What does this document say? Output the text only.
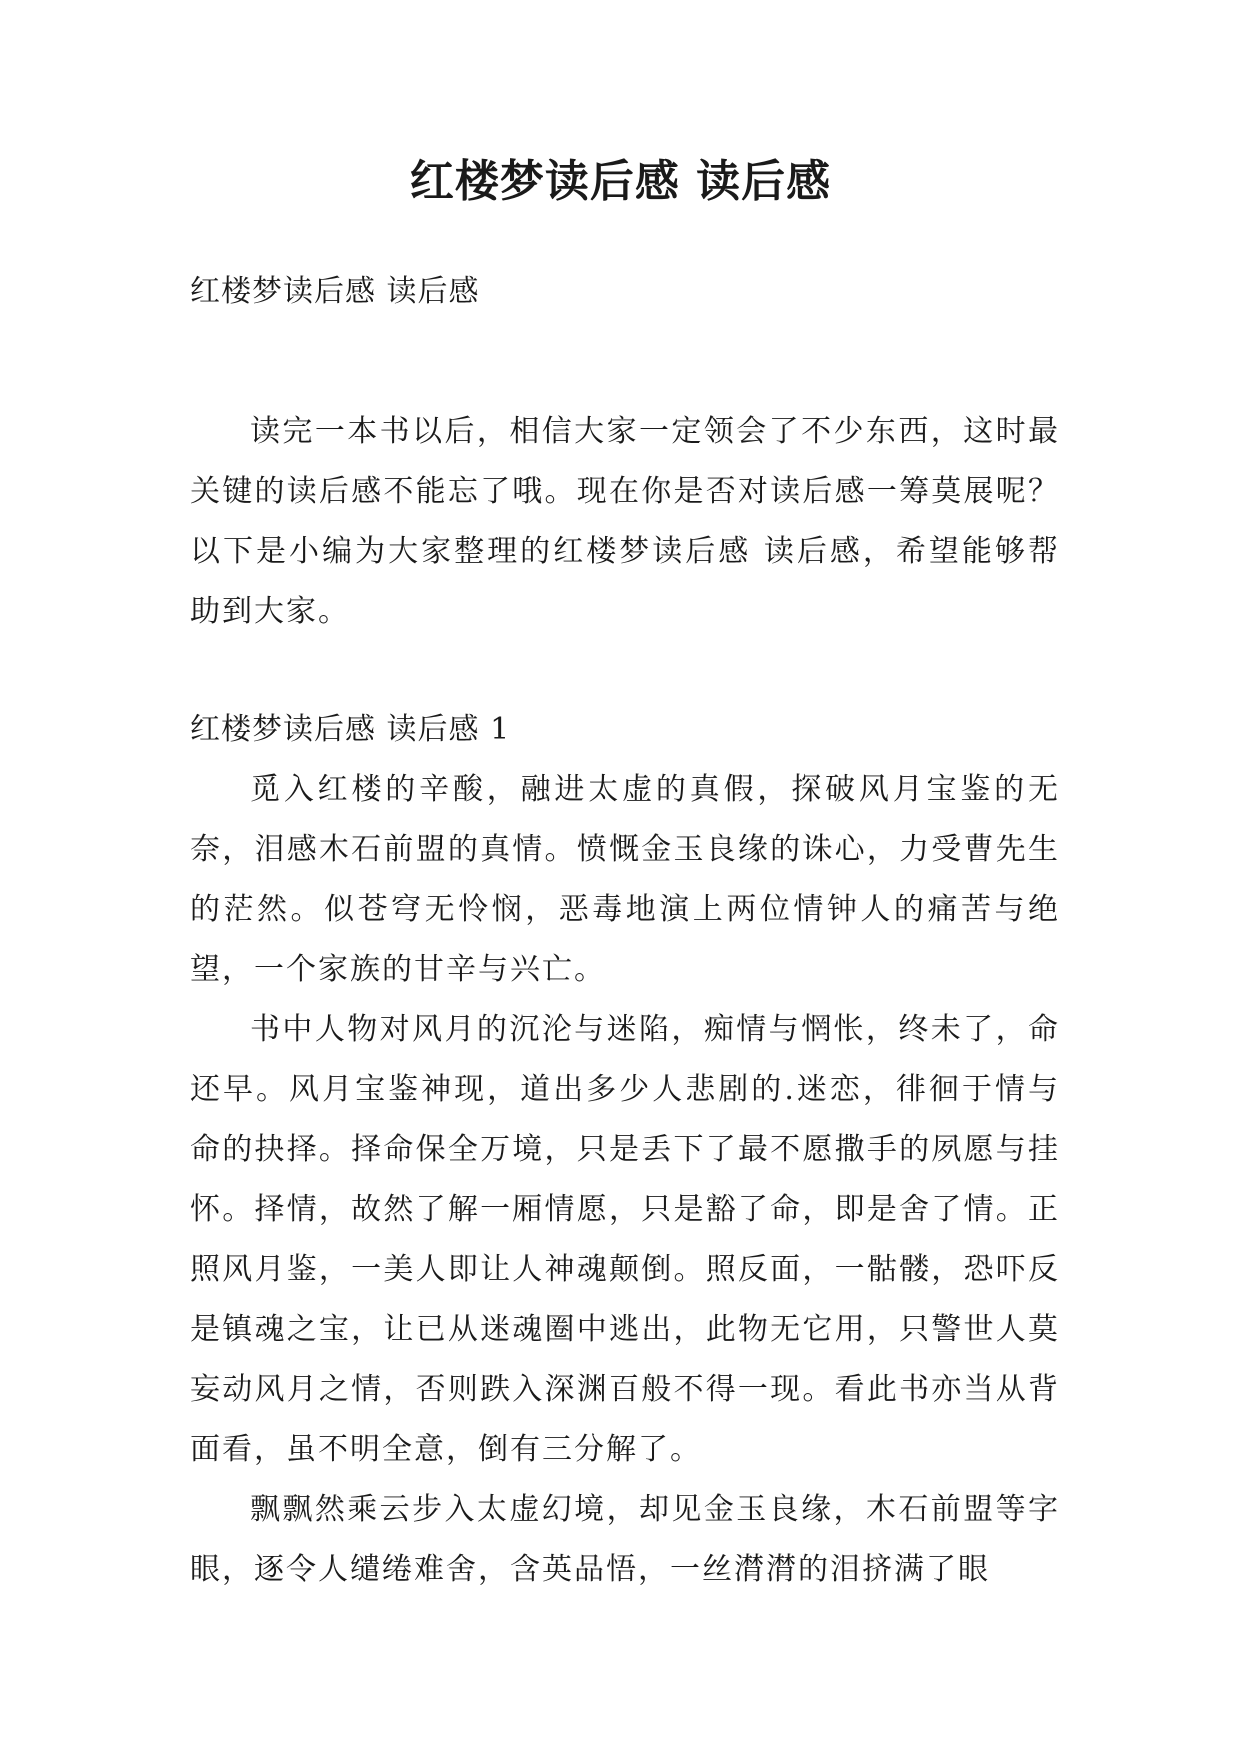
红楼梦读后感 读后感

红楼梦读后感 读后感

读完一本书以后，相信大家一定领会了不少东西，这时最关键的读后感不能忘了哦。现在你是否对读后感一筹莫展呢？以下是小编为大家整理的红楼梦读后感 读后感，希望能够帮助到大家。

红楼梦读后感 读后感 1

觅入红楼的辛酸，融进太虚的真假，探破风月宝鉴的无奈，泪感木石前盟的真情。愤慨金玉良缘的诛心，力受曹先生的茫然。似苍穹无怜悯，恶毒地演上两位情钟人的痛苦与绝望，一个家族的甘辛与兴亡。

书中人物对风月的沉沦与迷陷，痴情与惘怅，终未了，命还早。风月宝鉴神现，道出多少人悲剧的.迷恋，徘徊于情与命的抉择。择命保全万境，只是丢下了最不愿撒手的夙愿与挂怀。择情，故然了解一厢情愿，只是豁了命，即是舍了情。正照风月鉴，一美人即让人神魂颠倒。照反面，一骷髅，恐吓反是镇魂之宝，让已从迷魂圈中逃出，此物无它用，只警世人莫妄动风月之情，否则跌入深渊百般不得一现。看此书亦当从背面看，虽不明全意，倒有三分解了。

飘飘然乘云步入太虚幻境，却见金玉良缘，木石前盟等字眼，逐令人缱绻难舍，含英品悟，一丝潸潸的泪挤满了眼
